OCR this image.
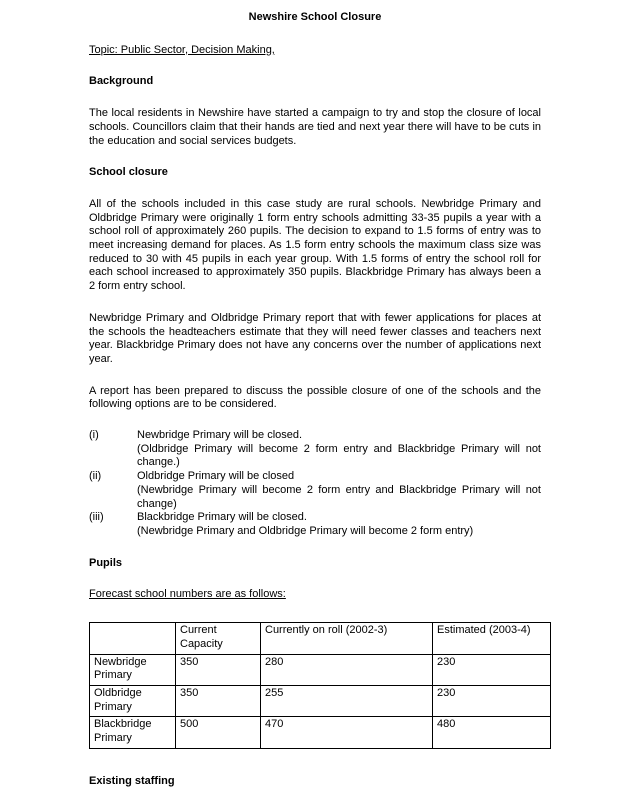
Newshire School Closure
Topic: Public Sector, Decision Making,
Background
The local residents in Newshire have started a campaign to try and stop the closure of local schools. Councillors claim that their hands are tied and next year there will have to be cuts in the education and social services budgets.
School closure
All of the schools included in this case study are rural schools. Newbridge Primary and Oldbridge Primary were originally 1 form entry schools admitting 33-35 pupils a year with a school roll of approximately 260 pupils. The decision to expand to 1.5 forms of entry was to meet increasing demand for places. As 1.5 form entry schools the maximum class size was reduced to 30 with 45 pupils in each year group. With 1.5 forms of entry the school roll for each school increased to approximately 350 pupils. Blackbridge Primary has always been a 2 form entry school.
Newbridge Primary and Oldbridge Primary report that with fewer applications for places at the schools the headteachers estimate that they will need fewer classes and teachers next year. Blackbridge Primary does not have any concerns over the number of applications next year.
A report has been prepared to discuss the possible closure of one of the schools and the following options are to be considered.
(i)	Newbridge Primary will be closed.
(Oldbridge Primary will become 2 form entry and Blackbridge Primary will not change.)
(ii)	Oldbridge Primary will be closed
(Newbridge Primary will become 2 form entry and Blackbridge Primary will not change)
(iii)	Blackbridge Primary will be closed.
(Newbridge Primary and Oldbridge Primary will become 2 form entry)
Pupils
Forecast school numbers are as follows:
	Current Capacity	Currently on roll (2002-3)	Estimated (2003-4)
Newbridge Primary	350	280	230
Oldbridge Primary	350	255	230
Blackbridge Primary	500	470	480
Existing staffing
